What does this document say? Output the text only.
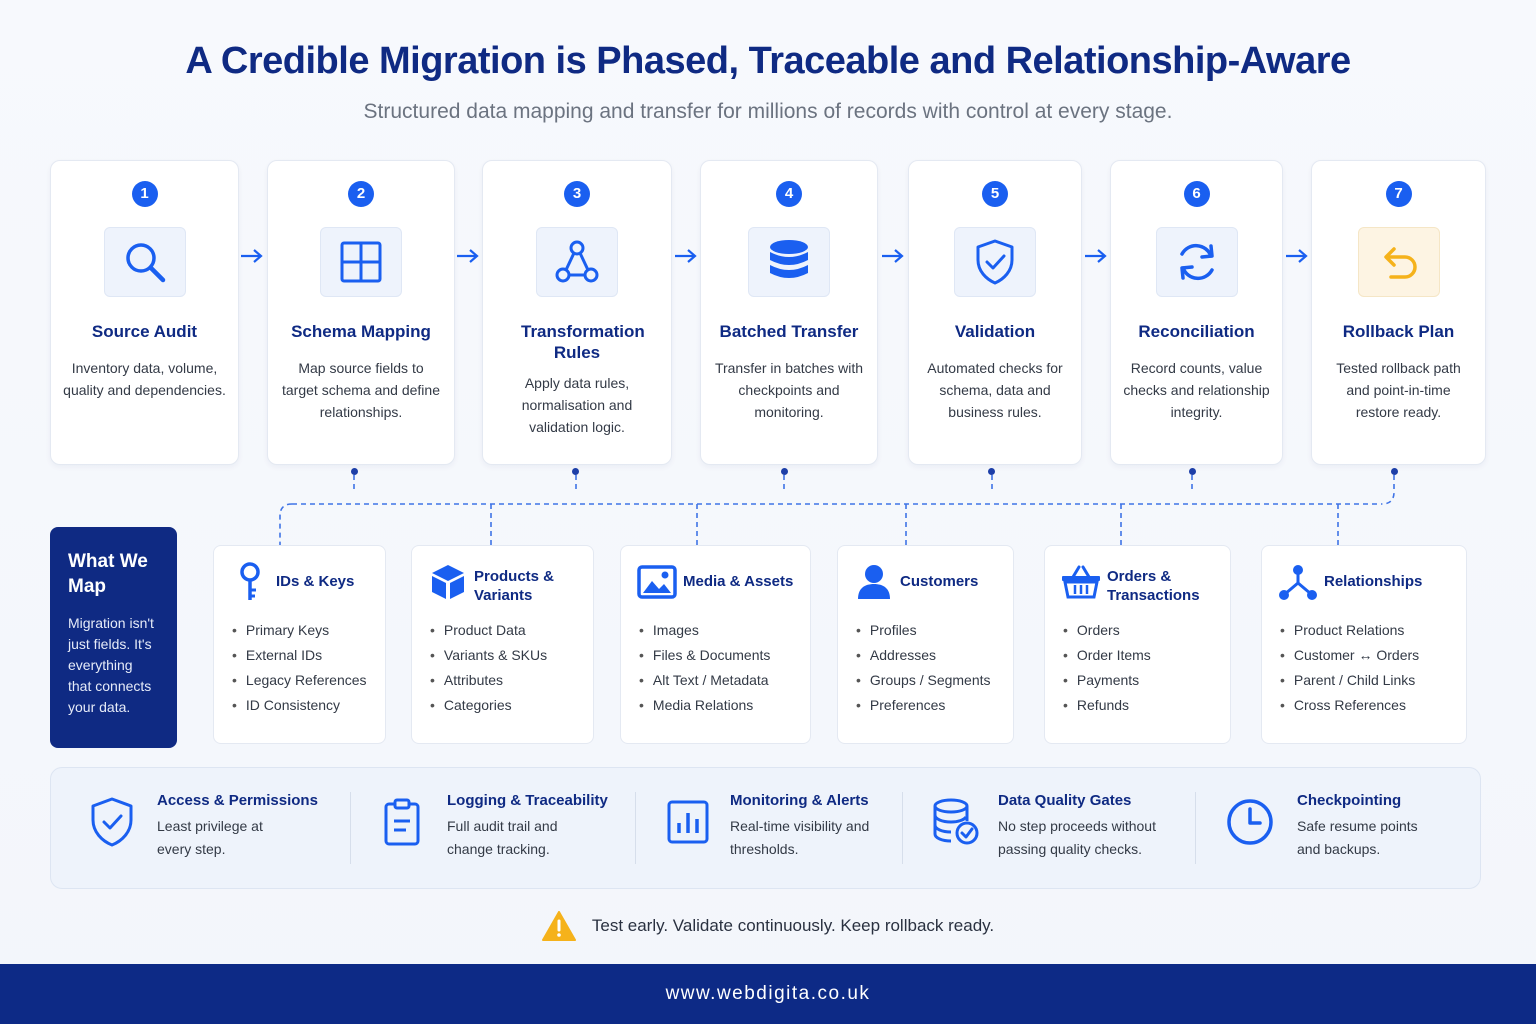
A Credible Migration is Phased, Traceable and Relationship-Aware
Structured data mapping and transfer for millions of records with control at every stage.
1
Source Audit
Inventory data, volume, quality and dependencies.
2
Schema Mapping
Map source fields to target schema and define relationships.
3
Transformation Rules
Apply data rules, normalisation and validation logic.
4
Batched Transfer
Transfer in batches with checkpoints and monitoring.
5
Validation
Automated checks for schema, data and business rules.
6
Reconciliation
Record counts, value checks and relationship integrity.
7
Rollback Plan
Tested rollback path and point-in-time restore ready.
What We Map
Migration isn't just fields. It's everything that connects your data.
IDs & Keys
• Primary Keys
• External IDs
• Legacy References
• ID Consistency
Products & Variants
• Product Data
• Variants & SKUs
• Attributes
• Categories
Media & Assets
• Images
• Files & Documents
• Alt Text / Metadata
• Media Relations
Customers
• Profiles
• Addresses
• Groups / Segments
• Preferences
Orders & Transactions
• Orders
• Order Items
• Payments
• Refunds
Relationships
• Product Relations
• Customer ↔ Orders
• Parent / Child Links
• Cross References
Access & Permissions
Least privilege at every step.
Logging & Traceability
Full audit trail and change tracking.
Monitoring & Alerts
Real-time visibility and thresholds.
Data Quality Gates
No step proceeds without passing quality checks.
Checkpointing
Safe resume points and backups.
Test early. Validate continuously. Keep rollback ready.
www.webdigita.co.uk
